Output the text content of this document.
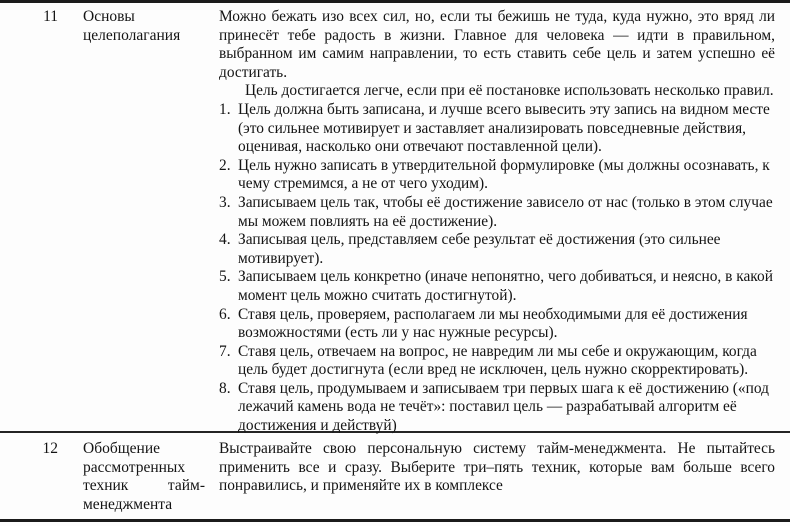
11 Основы
целеполагания

Можно бежать изо всех сил, но, если ты бежишь не туда, куда нужно, это вряд ли принесёт тебе радость в жизни. Главное для человека — идти в правильном, выбранном им самим направлении, то есть ставить себе цель и затем успешно её достигать.

Цель достигается легче, если при её постановке использовать несколько правил.

1. Цель должна быть записана, и лучше всего вывесить эту запись на видном месте (это сильнее мотивирует и заставляет анализировать повседневные действия, оценивая, насколько они отвечают поставленной цели).
2. Цель нужно записать в утвердительной формулировке (мы должны осознавать, к чему стремимся, а не от чего уходим).
3. Записываем цель так, чтобы её достижение зависело от нас (только в этом случае мы можем повлиять на её достижение).
4. Записывая цель, представляем себе результат её достижения (это сильнее мотивирует).
5. Записываем цель конкретно (иначе непонятно, чего добиваться, и неясно, в какой момент цель можно считать достигнутой).
6. Ставя цель, проверяем, располагаем ли мы необходимыми для её достижения возможностями (есть ли у нас нужные ресурсы).
7. Ставя цель, отвечаем на вопрос, не навредим ли мы себе и окружающим, когда цель будет достигнута (если вред не исключен, цель нужно скорректировать).
8. Ставя цель, продумываем и записываем три первых шага к её достижению («под лежачий камень вода не течёт»: поставил цель — разрабатывай алгоритм её достижения и действуй)
12 Обобщение
рассмотренных
техник	тайм-
менеджмента

Выстраивайте свою персональную систему тайм-менеджмента. Не пытайтесь применить все и сразу. Выберите три–пять техник, которые вам больше всего понравились, и применяйте их в комплексе
